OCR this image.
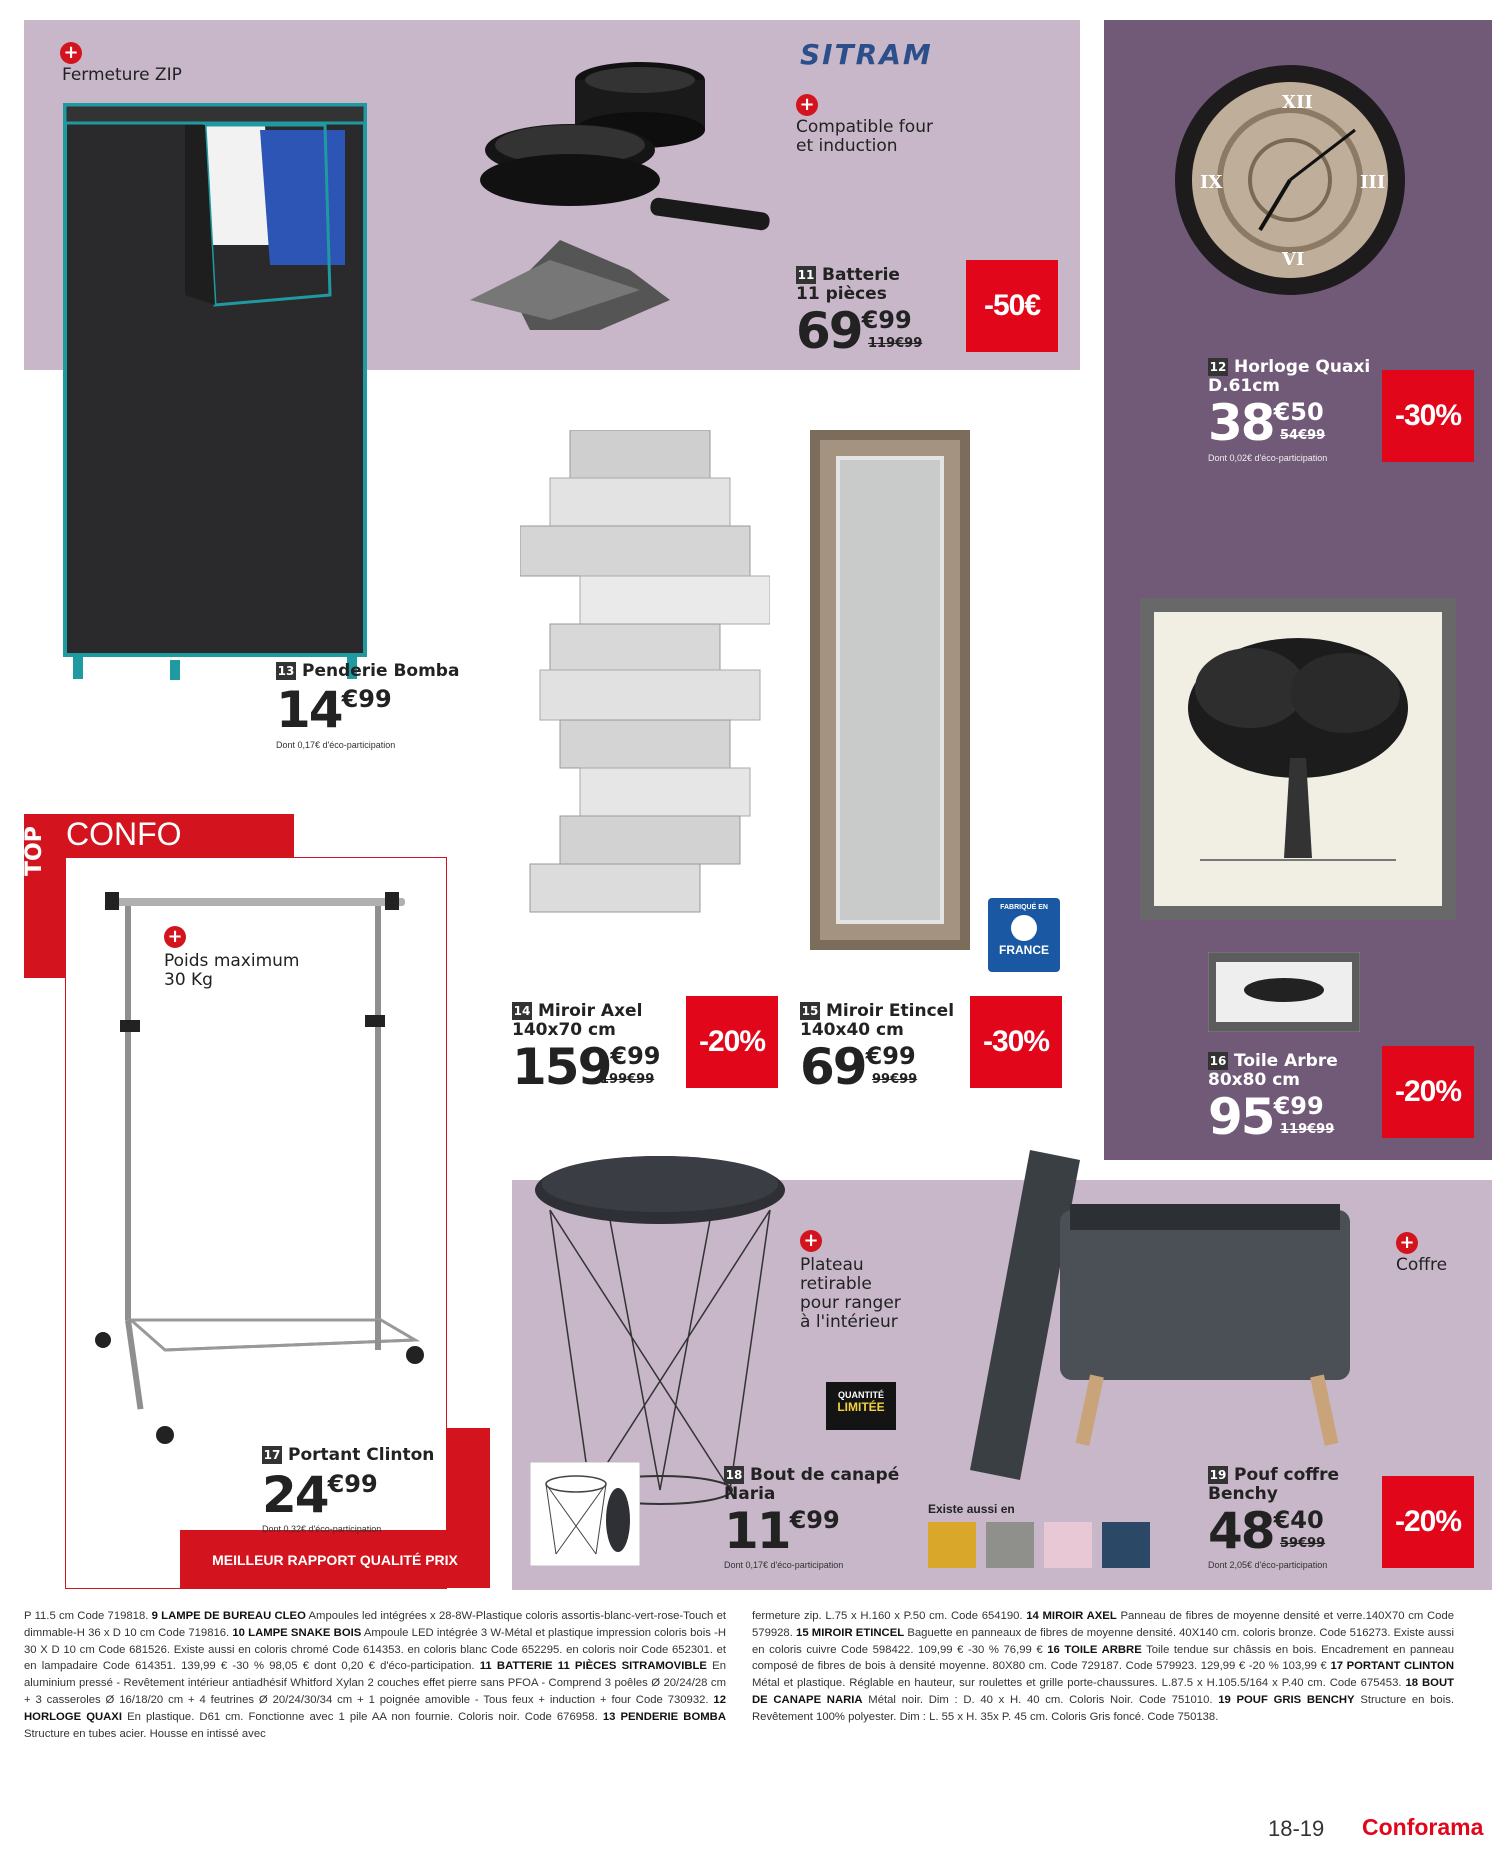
+
Fermeture ZIP
13 Penderie Bomba
14€99
Dont 0,17€ d'éco-participation
SITRAM
+
Compatible four
et induction
11 Batterie
11 pièces
69€99
119€99
-50€
XII
III
VI
IX
12 Horloge Quaxi
D.61cm
38€50
54€99
Dont 0,02€ d'éco-participation
-30%
14 Miroir Axel
140x70 cm
159€99
199€99
-20%
FABRIQUÉ EN
FRANCE
15 Miroir Etincel
140x40 cm
69€99
99€99
-30%
16 Toile Arbre
80x80 cm
95€99
119€99
-20%
TOP CONFO
MEILLEUR RAPPORT QUALITÉ PRIX
+
Poids maximum
30 Kg
17 Portant Clinton
24€99
Dont 0,32€ d'éco-participation
+
Plateau
retirable
pour ranger
à l'intérieur
QUANTITÉ
LIMITÉE
18 Bout de canapé
Naria
11€99
Dont 0,17€ d'éco-participation
+
Coffre
Existe aussi en
19 Pouf coffre
Benchy
48€40
59€99
Dont 2,05€ d'éco-participation
-20%
P 11.5 cm Code 719818. 9 LAMPE DE BUREAU CLEO Ampoules led intégrées x 28-8W-Plastique coloris assortis-blanc-vert-rose-Touch et dimmable-H 36 x D 10 cm Code 719816. 10 LAMPE SNAKE BOIS Ampoule LED intégrée 3 W-Métal et plastique impression coloris bois -H 30 X D 10 cm Code 681526. Existe aussi en coloris chromé Code 614353. en coloris blanc Code 652295. en coloris noir Code 652301. et en lampadaire Code 614351. 139,99 € -30 % 98,05 € dont 0,20 € d'éco-participation. 11 BATTERIE 11 PIÈCES SITRAMOVIBLE En aluminium pressé - Revêtement intérieur antiadhésif Whitford Xylan 2 couches effet pierre sans PFOA - Comprend 3 poêles Ø 20/24/28 cm + 3 casseroles Ø 16/18/20 cm + 4 feutrines Ø 20/24/30/34 cm + 1 poignée amovible - Tous feux + induction + four Code 730932. 12 HORLOGE QUAXI En plastique. D61 cm. Fonctionne avec 1 pile AA non fournie. Coloris noir. Code 676958. 13 PENDERIE BOMBA Structure en tubes acier. Housse en intissé avec
fermeture zip. L.75 x H.160 x P.50 cm. Code 654190. 14 MIROIR AXEL Panneau de fibres de moyenne densité et verre.140X70 cm Code 579928. 15 MIROIR ETINCEL Baguette en panneaux de fibres de moyenne densité. 40X140 cm. coloris bronze. Code 516273. Existe aussi en coloris cuivre Code 598422. 109,99 € -30 % 76,99 € 16 TOILE ARBRE Toile tendue sur châssis en bois. Encadrement en panneau composé de fibres de bois à densité moyenne. 80X80 cm. Code 729187. Code 579923. 129,99 € -20 % 103,99 € 17 PORTANT CLINTON Métal et plastique. Réglable en hauteur, sur roulettes et grille porte-chaussures. L.87.5 x H.105.5/164 x P.40 cm. Code 675453. 18 BOUT DE CANAPE NARIA Métal noir. Dim : D. 40 x H. 40 cm. Coloris Noir. Code 751010. 19 POUF GRIS BENCHY Structure en bois. Revêtement 100% polyester. Dim : L. 55 x H. 35x P. 45 cm. Coloris Gris foncé. Code 750138.
18-19 Conforama
